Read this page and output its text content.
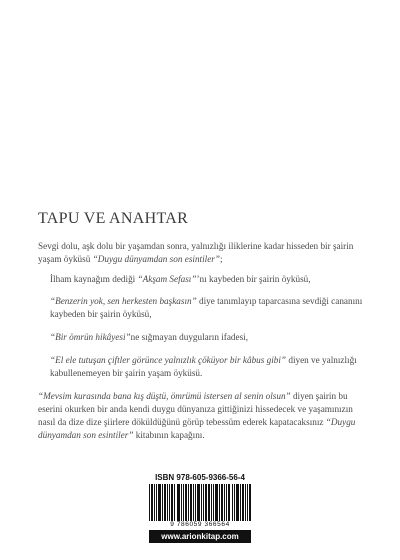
TAPU VE ANAHTAR

Sevgi dolu, aşk dolu bir yaşamdan sonra, yalnızlığı iliklerine kadar hisseden bir şairin yaşam öyküsü “Duygu dünyamdan son esintiler”;

İlham kaynağım dediği “Akşam Sefası”’nı kaybeden bir şairin öyküsü,

“Benzerin yok, sen herkesten başkasın” diye tanımlayıp taparcasına sevdiği cananını kaybeden bir şairin öyküsü,

“Bir ömrün hikâyesi”ne sığmayan duyguların ifadesi,

“El ele tutuşan çiftler görünce yalnızlık çöküyor bir kâbus gibi” diyen ve yalnızlığı kabullenemeyen bir şairin yaşam öyküsü.

“Mevsim kurasında bana kış düştü, ömrümü istersen al senin olsun” diyen şairin bu eserini okurken bir anda kendi duygu dünyanıza gittiğinizi hissedecek ve yaşamınızın nasıl da dize dize şiirlere döküldüğünü görüp tebessüm ederek kapatacaksınız “Duygu dünyamdan son esintiler” kitabının kapağını.

ISBN 978-605-9366-56-4
9 786059 366564
www.arionkitap.com
